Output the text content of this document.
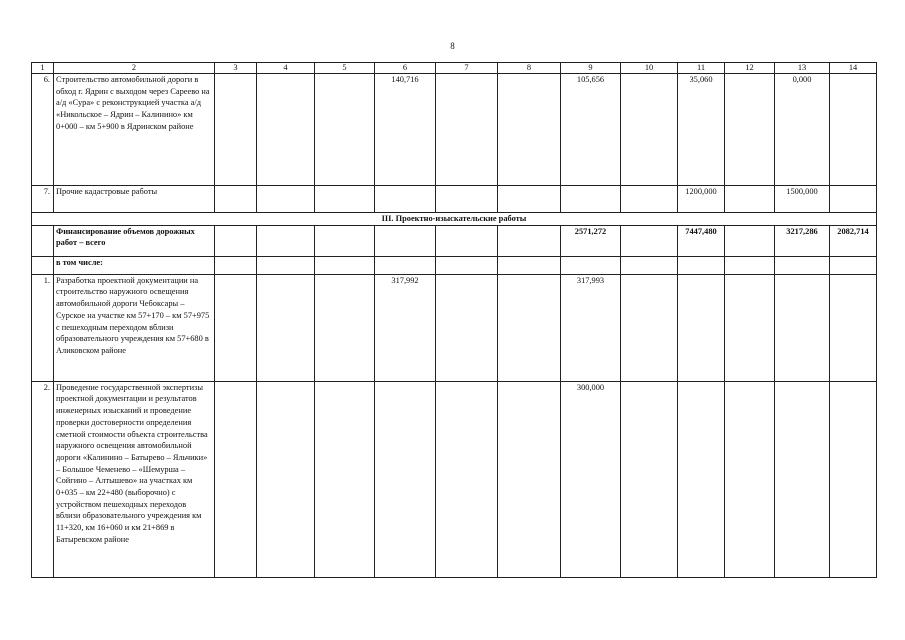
8
1	2	3	4	5	6	7	8	9	10	11	12	13	14
6.	Строительство автомобильной дороги в обход г. Ядрин с выходом через Сареево на а/д «Сура» с реконструкцией участка а/д «Никольское – Ядрин – Калинино» км 0+000 – км 5+900 в Ядринском районе				140,716			105,656		35,060		0,000	
7.	Прочие кадастровые работы									1200,000		1500,000	
III. Проектно-изыскательские работы													
	Финансирование объемов дорожных работ – всего							2571,272		7447,480		3217,286	2082,714
	в том числе:												
1.	Разработка проектной документации на строительство наружного освещения автомобильной дороги Чебоксары – Сурское на участке км 57+170 – км 57+975 с пешеходным переходом вблизи образовательного учреждения км 57+680 в Аликовском районе				317,992			317,993					
2.	Проведение государственной экспертизы проектной документации и результатов инженерных изысканий и проведение проверки достоверности определения сметной стоимости объекта строительства наружного освещения автомобильной дороги «Калинино – Батырево – Яльчики» – Большое Чеменево – «Шемурша – Сойгино – Алтышево» на участках км 0+035 – км 22+480 (выборочно) с устройством пешеходных переходов вблизи образовательного учреждения км 11+320, км 16+060 и км 21+869 в Батыревском районе							300,000					
